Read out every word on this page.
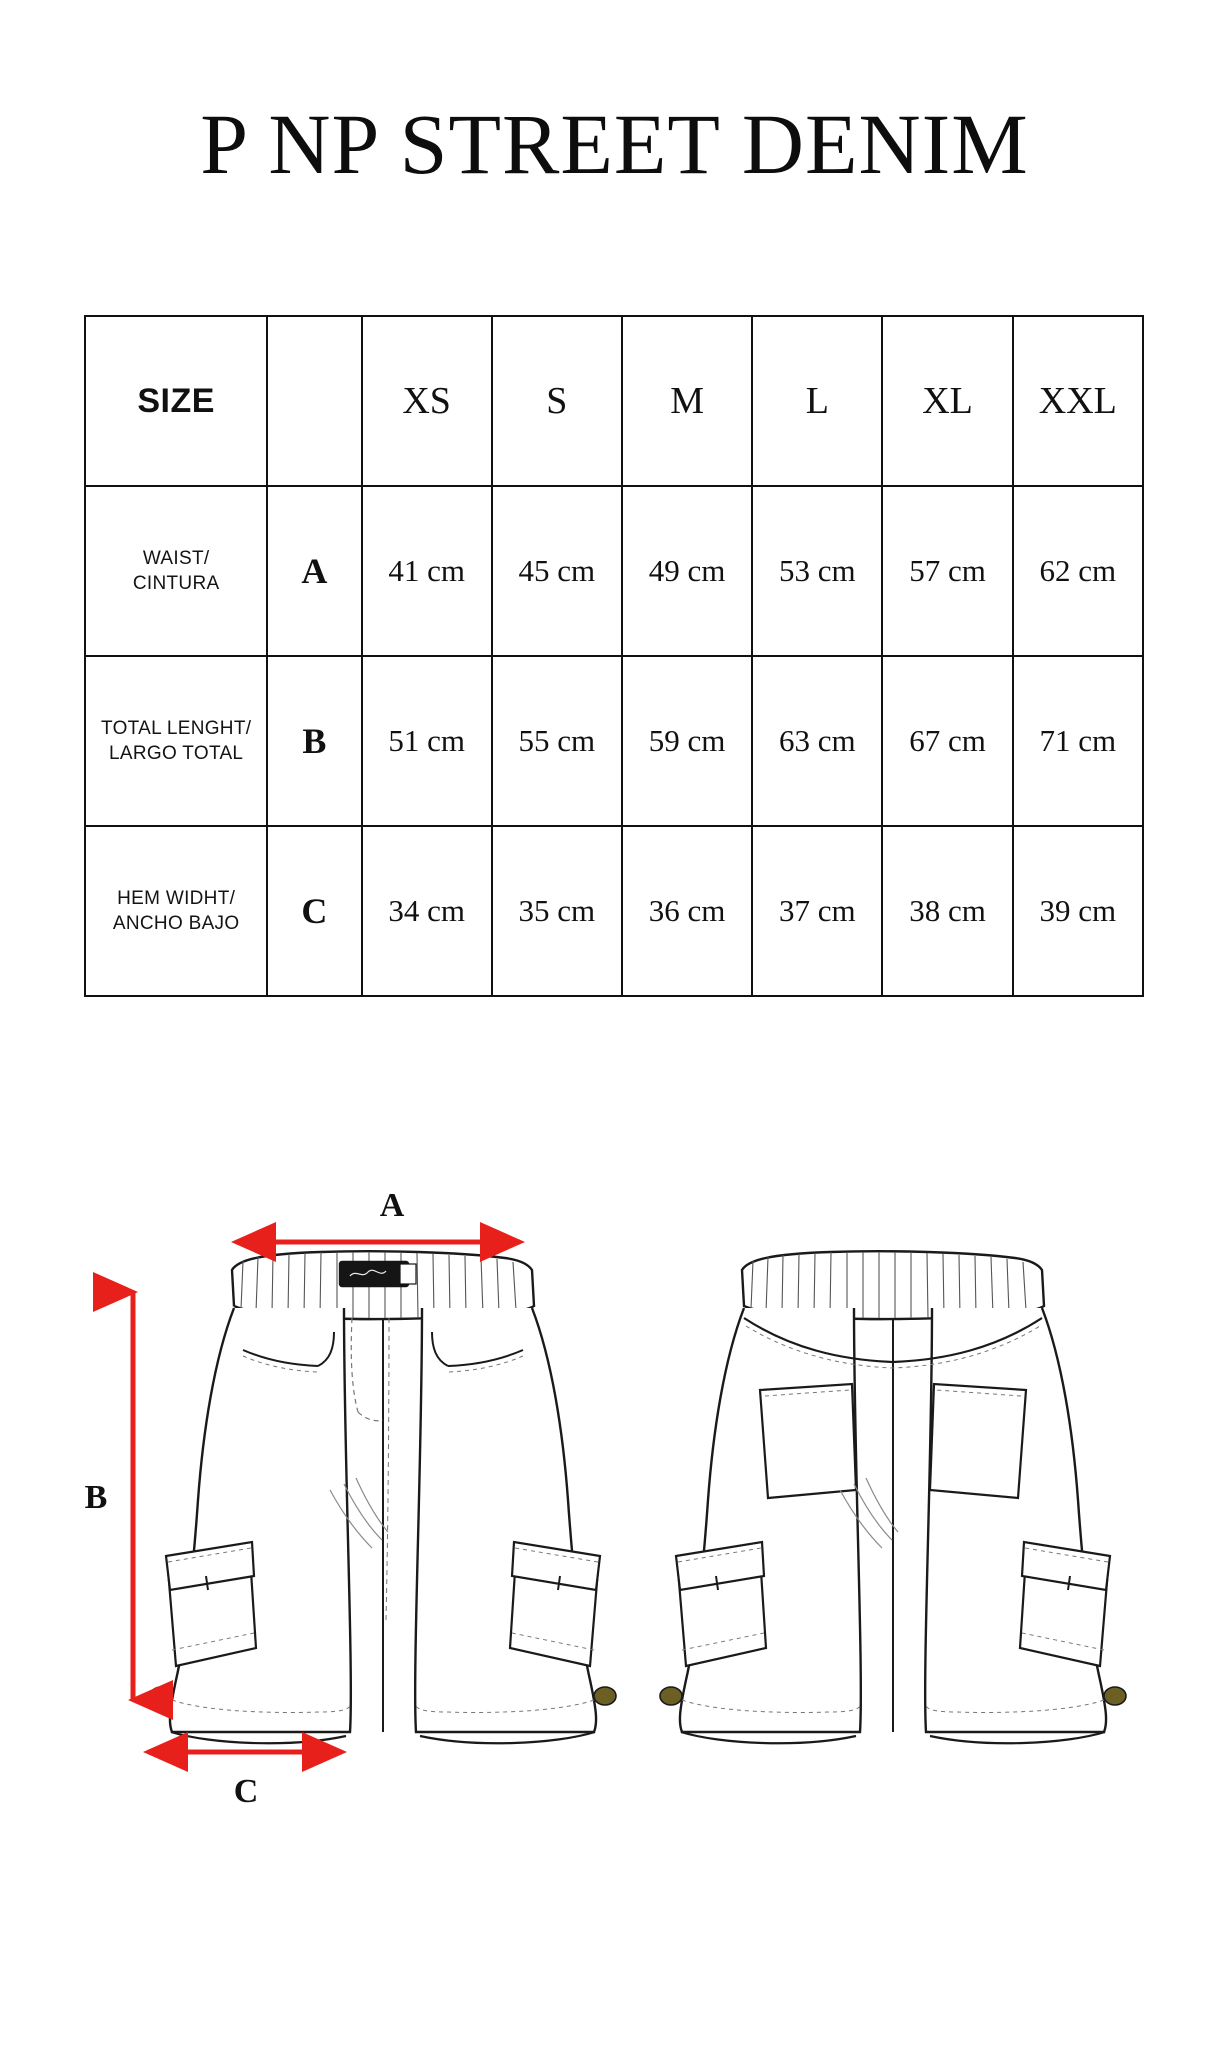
P NP STREET DENIM
SIZE		XS	S	M	L	XL	XXL

WAIST/
CINTURA	A	41 cm	45 cm	49 cm	53 cm	57 cm	62 cm

TOTAL LENGHT/
LARGO TOTAL	B	51 cm	55 cm	59 cm	63 cm	67 cm	71 cm

HEM WIDHT/
ANCHO BAJO	C	34 cm	35 cm	36 cm	37 cm	38 cm	39 cm
A
B
C
